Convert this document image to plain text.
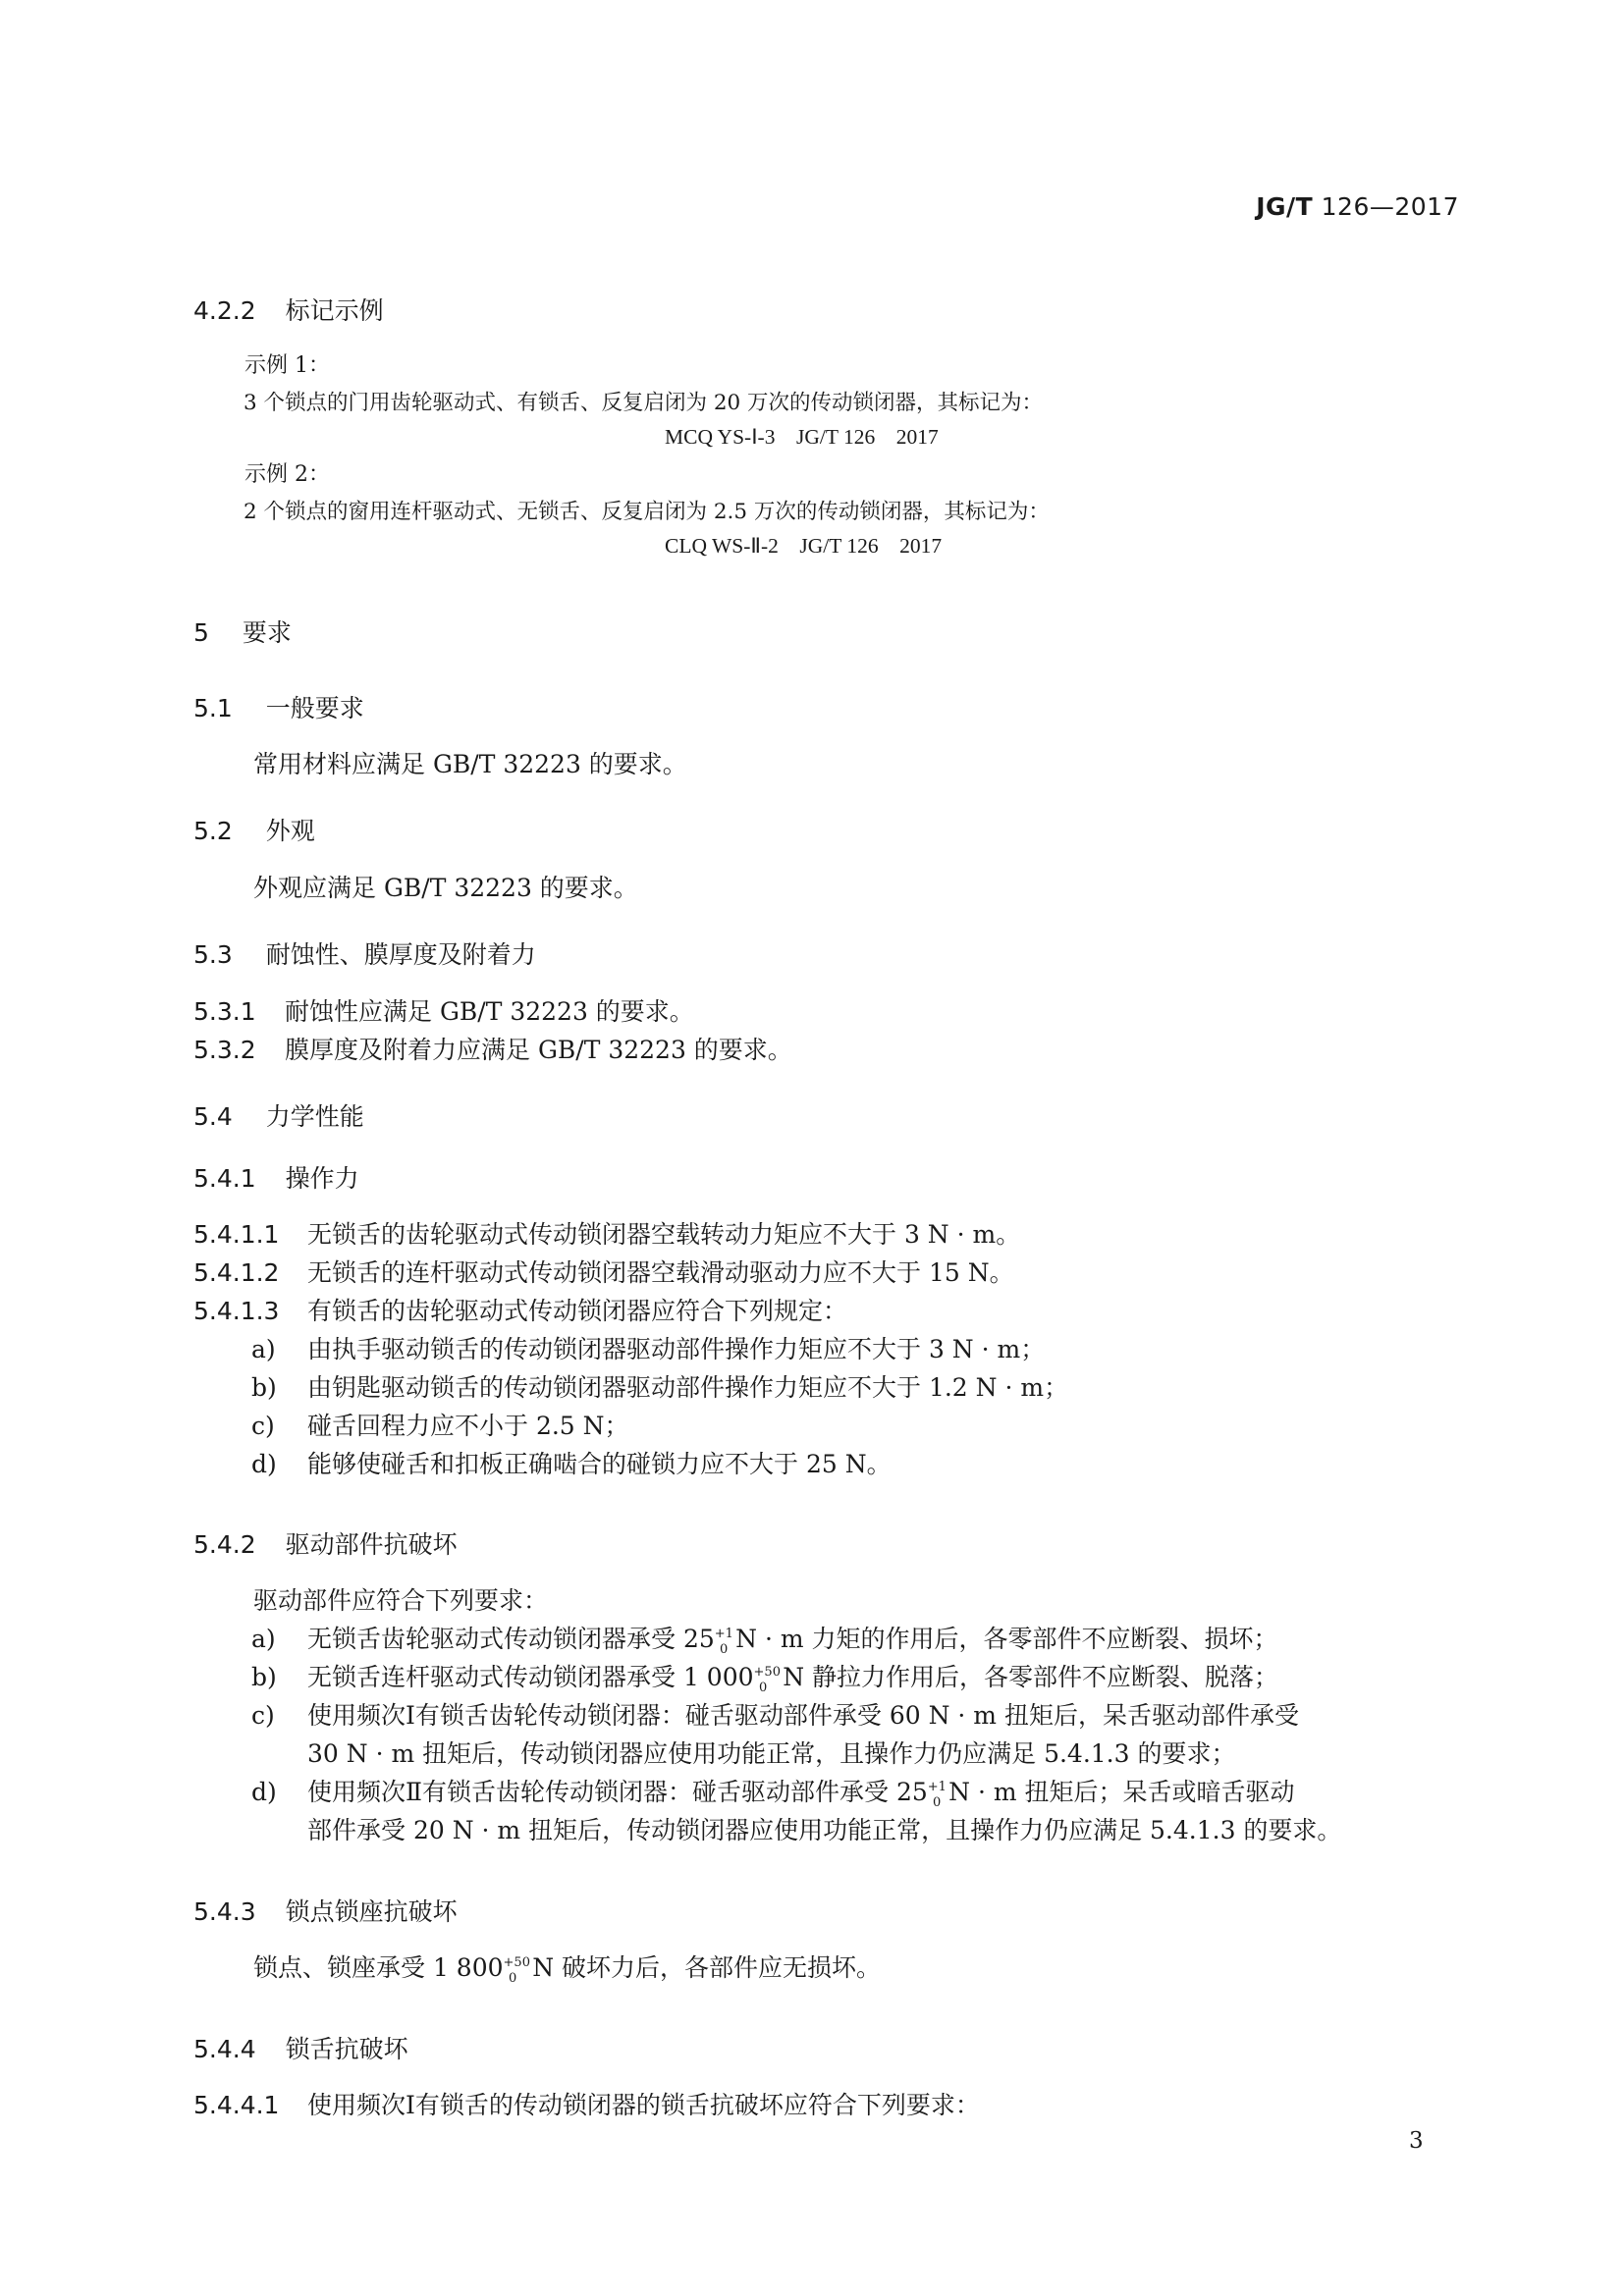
JG/T 126—2017
4.2.2 标记示例
示例 1：
3 个锁点的门用齿轮驱动式、有锁舌、反复启闭为 20 万次的传动锁闭器，其标记为：
MCQ YS-Ⅰ-3　JG/T 126　2017
示例 2：
2 个锁点的窗用连杆驱动式、无锁舌、反复启闭为 2.5 万次的传动锁闭器，其标记为：
CLQ WS-Ⅱ-2　JG/T 126　2017
5 要求
5.1 一般要求
常用材料应满足 GB/T 32223 的要求。
5.2 外观
外观应满足 GB/T 32223 的要求。
5.3 耐蚀性、膜厚度及附着力
5.3.1 耐蚀性应满足 GB/T 32223 的要求。
5.3.2 膜厚度及附着力应满足 GB/T 32223 的要求。
5.4 力学性能
5.4.1 操作力
5.4.1.1 无锁舌的齿轮驱动式传动锁闭器空载转动力矩应不大于 3 N · m。
5.4.1.2 无锁舌的连杆驱动式传动锁闭器空载滑动驱动力应不大于 15 N。
5.4.1.3 有锁舌的齿轮驱动式传动锁闭器应符合下列规定：
a) 由执手驱动锁舌的传动锁闭器驱动部件操作力矩应不大于 3 N · m；
b) 由钥匙驱动锁舌的传动锁闭器驱动部件操作力矩应不大于 1.2 N · m；
c) 碰舌回程力应不小于 2.5 N；
d) 能够使碰舌和扣板正确啮合的碰锁力应不大于 25 N。
5.4.2 驱动部件抗破坏
驱动部件应符合下列要求：
a) 无锁舌齿轮驱动式传动锁闭器承受 $25^{+10}$ N · m 力矩的作用后，各零部件不应断裂、损坏；
b) 无锁舌连杆驱动式传动锁闭器承受 1 $000^{+500}$ N 静拉力作用后，各零部件不应断裂、脱落；
c) 使用频次Ⅰ有锁舌齿轮传动锁闭器：碰舌驱动部件承受 60 N · m 扭矩后，呆舌驱动部件承受
30 N · m 扭矩后，传动锁闭器应使用功能正常，且操作力仍应满足 5.4.1.3 的要求；
d) 使用频次Ⅱ有锁舌齿轮传动锁闭器：碰舌驱动部件承受 $25^{+10}$ N · m 扭矩后；呆舌或暗舌驱动
部件承受 20 N · m 扭矩后，传动锁闭器应使用功能正常，且操作力仍应满足 5.4.1.3 的要求。
5.4.3 锁点锁座抗破坏
锁点、锁座承受 1 $800^{+500}$ N 破坏力后，各部件应无损坏。
5.4.4 锁舌抗破坏
5.4.4.1 使用频次Ⅰ有锁舌的传动锁闭器的锁舌抗破坏应符合下列要求：
3
